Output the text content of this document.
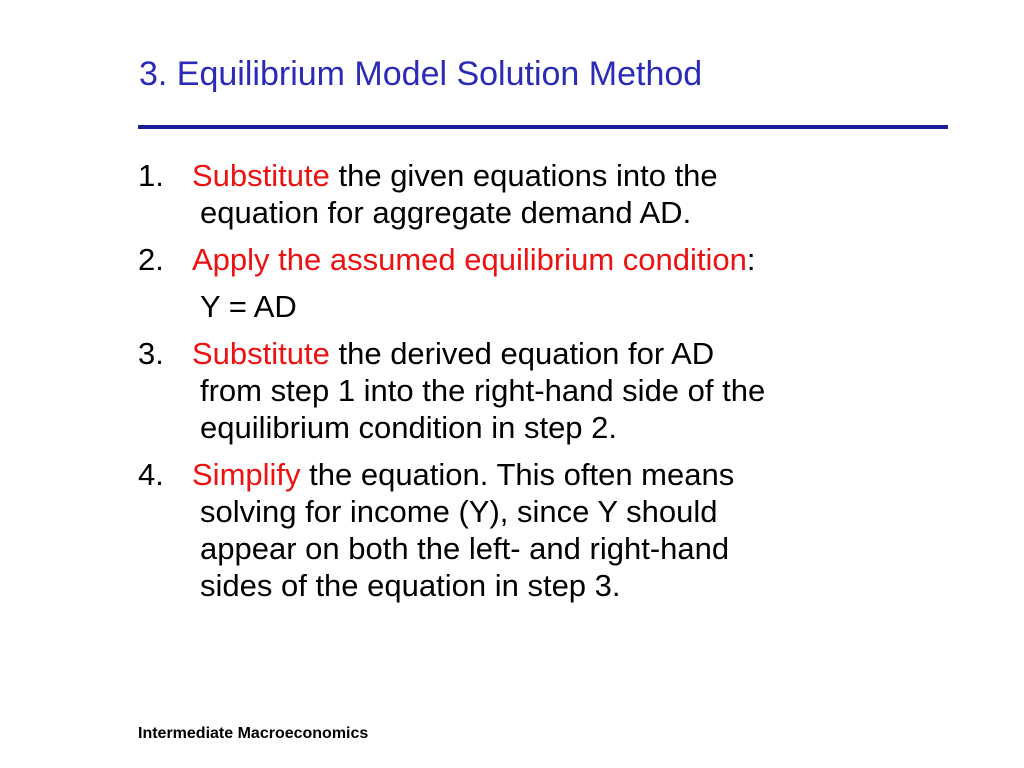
3. Equilibrium Model Solution Method

1. Substitute the given equations into the
equation for aggregate demand AD.

2. Apply the assumed equilibrium condition:

Y = AD

3. Substitute the derived equation for AD
from step 1 into the right-hand side of the
equilibrium condition in step 2.

4. Simplify the equation. This often means
solving for income (Y), since Y should
appear on both the left- and right-hand
sides of the equation in step 3.

Intermediate Macroeconomics
